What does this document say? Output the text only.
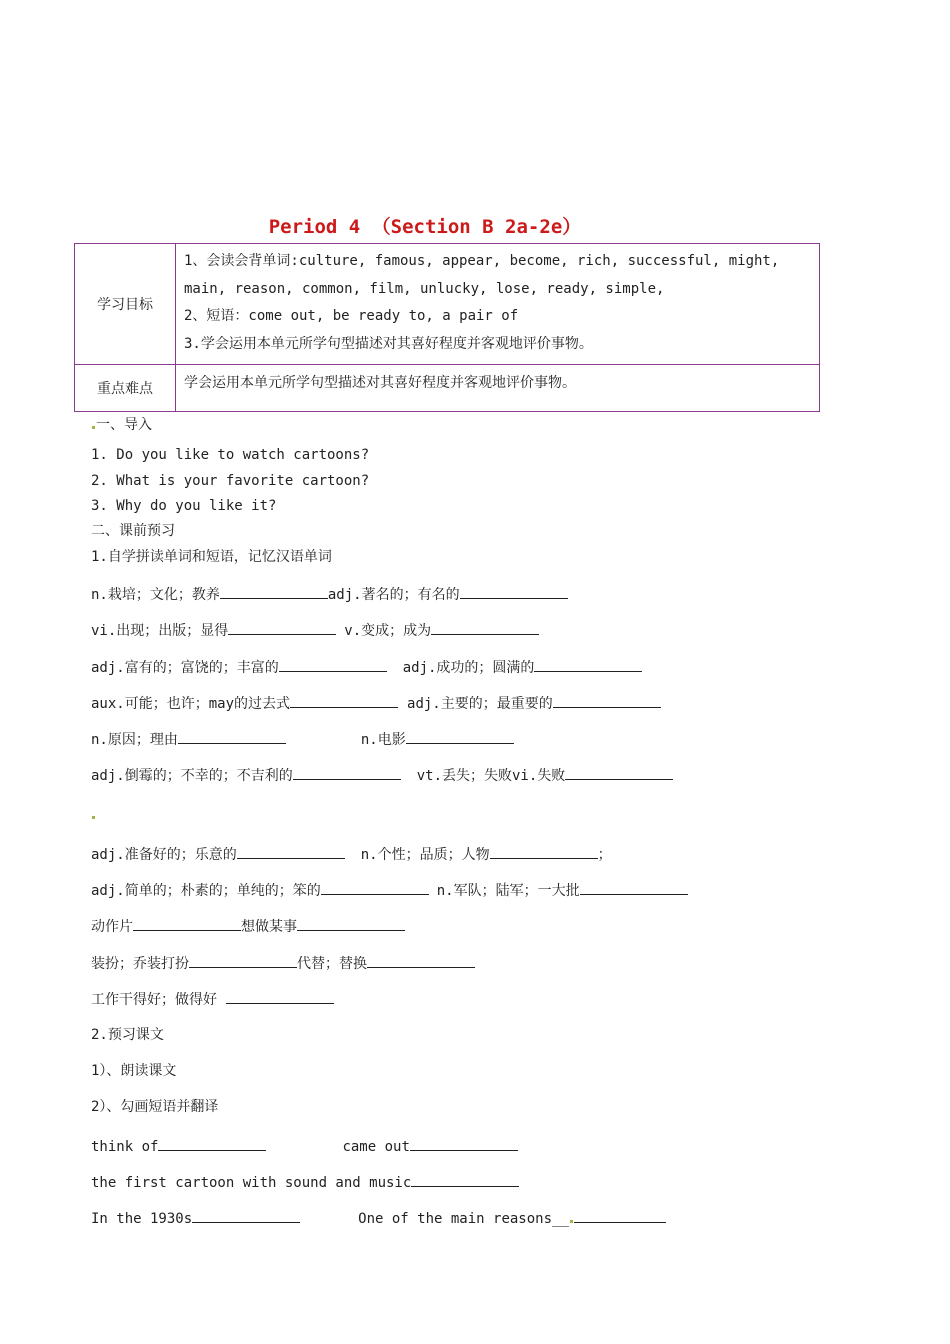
Period 4 （Section B 2a-2e）
学习目标	1、会读会背单词:culture, famous, appear, become, rich, successful, might,
main, reason, common, film, unlucky, lose, ready, simple,
2、短语：come out, be ready to, a pair of
3.学会运用本单元所学句型描述对其喜好程度并客观地评价事物。

重点难点	学会运用本单元所学句型描述对其喜好程度并客观地评价事物。
一、导入
1. Do you like to watch cartoons?
2. What is your favorite cartoon?
3. Why do you like it?
二、课前预习
1.自学拼读单词和短语，记忆汉语单词
n.栽培；文化；教养	adj.著名的；有名的
vi.出现；出版；显得	v.变成；成为
adj.富有的；富饶的；丰富的	adj.成功的；圆满的
aux.可能；也许；may的过去式	adj.主要的；最重要的
n.原因；理由	n.电影
adj.倒霉的；不幸的；不吉利的	vt.丢失；失败vi.失败
adj.准备好的；乐意的	n.个性；品质；人物	；
adj.简单的；朴素的；单纯的；笨的	n.军队；陆军；一大批
动作片	想做某事
装扮；乔装打扮	代替；替换
工作干得好；做得好
2.预习课文
1）、朗读课文
2）、勾画短语并翻译
think of	came out
the first cartoon with sound and music
In the 1930s	One of the main reasons__
